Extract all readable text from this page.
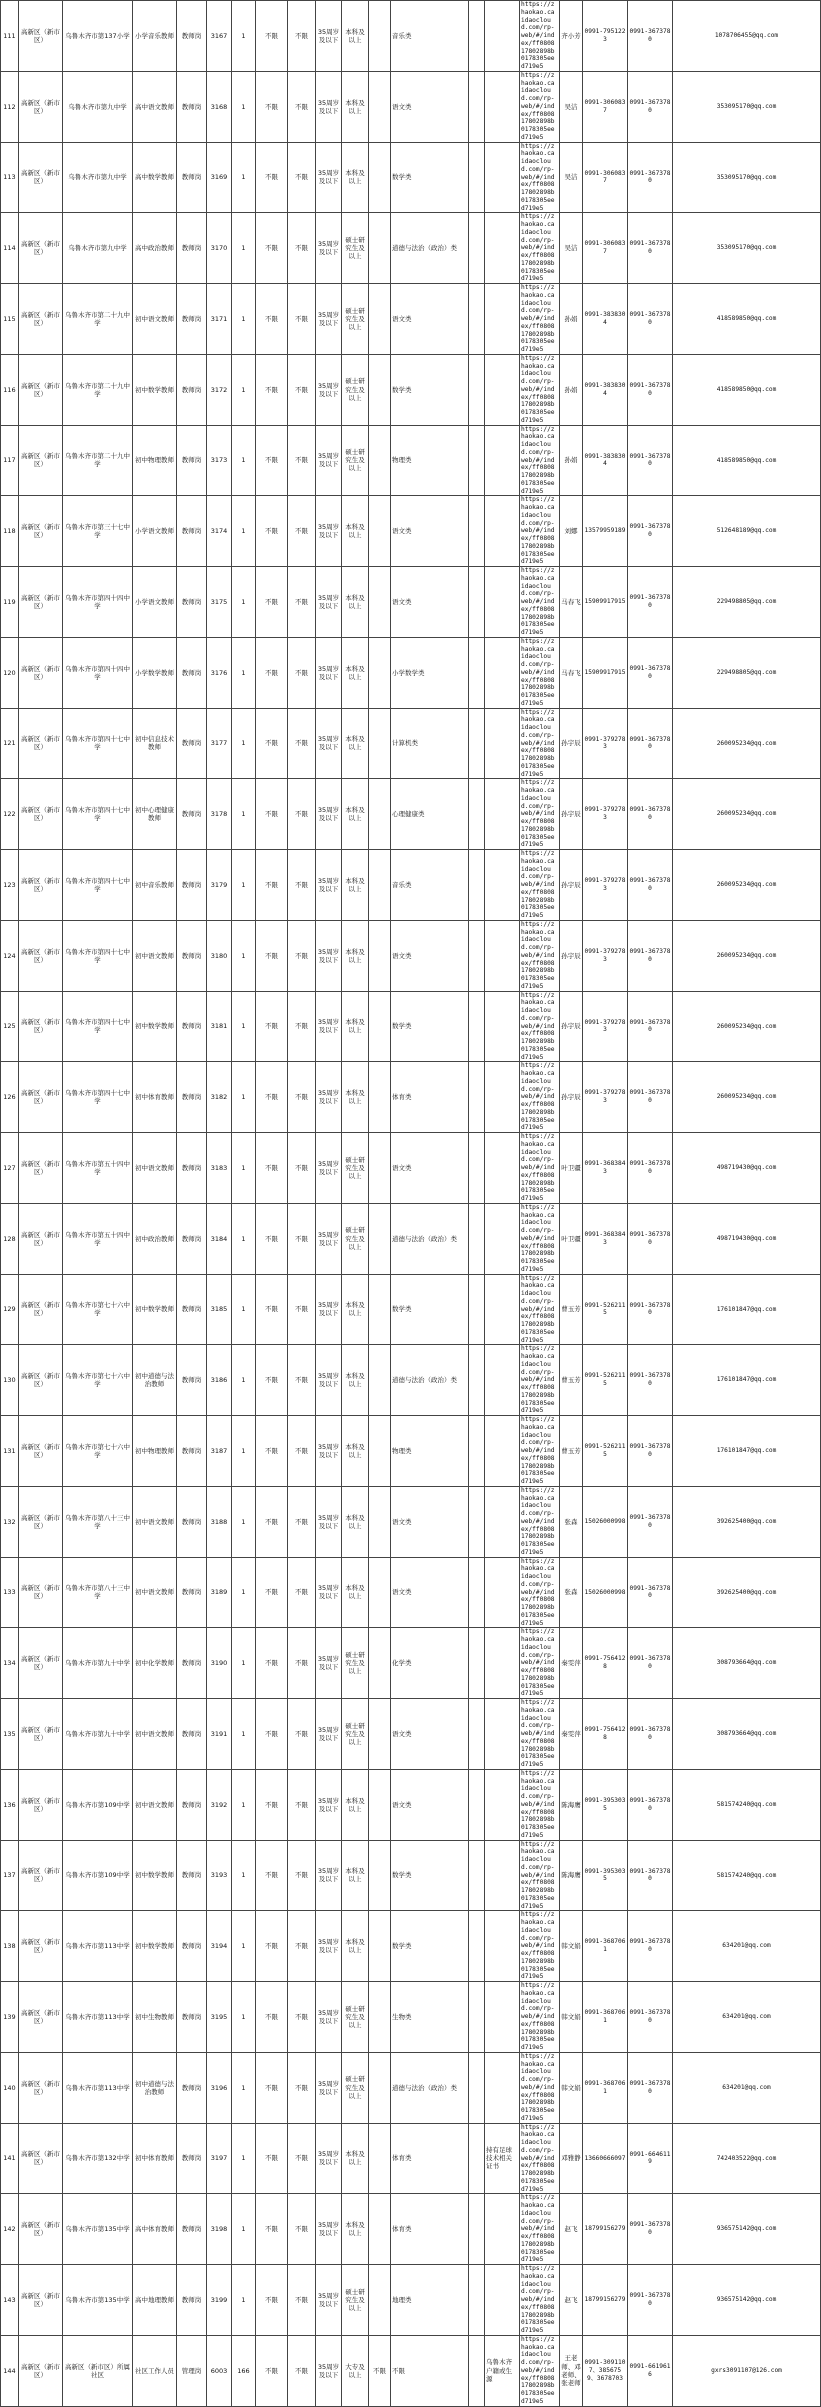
111	高新区（新市区）	乌鲁木齐市第137小学	小学音乐教师	教师岗	3167	1	不限	不限	35周岁及以下	本科及以上		音乐类			https://zhaokao.caidaocloud.com/rp-web/#/index/ff080817802898b0178305eed719e5	齐小芳	0991-7951223	0991-3673780	1078706455@qq.com
112	高新区（新市区）	乌鲁木齐市第九中学	高中语文教师	教师岗	3168	1	不限	不限	35周岁及以下	本科及以上		语文类			https://zhaokao.caidaocloud.com/rp-web/#/index/ff080817802898b0178305eed719e5	吴洁	0991-3060837	0991-3673780	353095170@qq.com
113	高新区（新市区）	乌鲁木齐市第九中学	高中数学教师	教师岗	3169	1	不限	不限	35周岁及以下	本科及以上		数学类			https://zhaokao.caidaocloud.com/rp-web/#/index/ff080817802898b0178305eed719e5	吴洁	0991-3060837	0991-3673780	353095170@qq.com
114	高新区（新市区）	乌鲁木齐市第九中学	高中政治教师	教师岗	3170	1	不限	不限	35周岁及以下	硕士研究生及以上		道德与法治（政治）类			https://zhaokao.caidaocloud.com/rp-web/#/index/ff080817802898b0178305eed719e5	吴洁	0991-3060837	0991-3673780	353095170@qq.com
115	高新区（新市区）	乌鲁木齐市第二十九中学	初中语文教师	教师岗	3171	1	不限	不限	35周岁及以下	硕士研究生及以上		语文类			https://zhaokao.caidaocloud.com/rp-web/#/index/ff080817802898b0178305eed719e5	孙娟	0991-3838304	0991-3673780	418589850@qq.com
116	高新区（新市区）	乌鲁木齐市第二十九中学	初中数学教师	教师岗	3172	1	不限	不限	35周岁及以下	硕士研究生及以上		数学类			https://zhaokao.caidaocloud.com/rp-web/#/index/ff080817802898b0178305eed719e5	孙娟	0991-3838304	0991-3673780	418589850@qq.com
117	高新区（新市区）	乌鲁木齐市第二十九中学	初中物理教师	教师岗	3173	1	不限	不限	35周岁及以下	硕士研究生及以上		物理类			https://zhaokao.caidaocloud.com/rp-web/#/index/ff080817802898b0178305eed719e5	孙娟	0991-3838304	0991-3673780	418589850@qq.com
118	高新区（新市区）	乌鲁木齐市第三十七中学	小学语文教师	教师岗	3174	1	不限	不限	35周岁及以下	本科及以上		语文类			https://zhaokao.caidaocloud.com/rp-web/#/index/ff080817802898b0178305eed719e5	刘娜	13579959189	0991-3673780	512648189@qq.com
119	高新区（新市区）	乌鲁木齐市第四十四中学	小学语文教师	教师岗	3175	1	不限	不限	35周岁及以下	本科及以上		语文类			https://zhaokao.caidaocloud.com/rp-web/#/index/ff080817802898b0178305eed719e5	马春飞	15909917915	0991-3673780	229498805@qq.com
120	高新区（新市区）	乌鲁木齐市第四十四中学	小学数学教师	教师岗	3176	1	不限	不限	35周岁及以下	本科及以上		小学数学类			https://zhaokao.caidaocloud.com/rp-web/#/index/ff080817802898b0178305eed719e5	马春飞	15909917915	0991-3673780	229498805@qq.com
121	高新区（新市区）	乌鲁木齐市第四十七中学	初中信息技术教师	教师岗	3177	1	不限	不限	35周岁及以下	本科及以上		计算机类			https://zhaokao.caidaocloud.com/rp-web/#/index/ff080817802898b0178305eed719e5	孙宇辰	0991-3792783	0991-3673780	260095234@qq.com
122	高新区（新市区）	乌鲁木齐市第四十七中学	初中心理健康教师	教师岗	3178	1	不限	不限	35周岁及以下	本科及以上		心理健康类			https://zhaokao.caidaocloud.com/rp-web/#/index/ff080817802898b0178305eed719e5	孙宇辰	0991-3792783	0991-3673780	260095234@qq.com
123	高新区（新市区）	乌鲁木齐市第四十七中学	初中音乐教师	教师岗	3179	1	不限	不限	35周岁及以下	本科及以上		音乐类			https://zhaokao.caidaocloud.com/rp-web/#/index/ff080817802898b0178305eed719e5	孙宇辰	0991-3792783	0991-3673780	260095234@qq.com
124	高新区（新市区）	乌鲁木齐市第四十七中学	初中语文教师	教师岗	3180	1	不限	不限	35周岁及以下	本科及以上		语文类			https://zhaokao.caidaocloud.com/rp-web/#/index/ff080817802898b0178305eed719e5	孙宇辰	0991-3792783	0991-3673780	260095234@qq.com
125	高新区（新市区）	乌鲁木齐市第四十七中学	初中数学教师	教师岗	3181	1	不限	不限	35周岁及以下	本科及以上		数学类			https://zhaokao.caidaocloud.com/rp-web/#/index/ff080817802898b0178305eed719e5	孙宇辰	0991-3792783	0991-3673780	260095234@qq.com
126	高新区（新市区）	乌鲁木齐市第四十七中学	初中体育教师	教师岗	3182	1	不限	不限	35周岁及以下	本科及以上		体育类			https://zhaokao.caidaocloud.com/rp-web/#/index/ff080817802898b0178305eed719e5	孙宇辰	0991-3792783	0991-3673780	260095234@qq.com
127	高新区（新市区）	乌鲁木齐市第五十四中学	初中语文教师	教师岗	3183	1	不限	不限	35周岁及以下	硕士研究生及以上		语文类			https://zhaokao.caidaocloud.com/rp-web/#/index/ff080817802898b0178305eed719e5	叶卫疆	0991-3683843	0991-3673780	498719430@qq.com
128	高新区（新市区）	乌鲁木齐市第五十四中学	初中政治教师	教师岗	3184	1	不限	不限	35周岁及以下	硕士研究生及以上		道德与法治（政治）类			https://zhaokao.caidaocloud.com/rp-web/#/index/ff080817802898b0178305eed719e5	叶卫疆	0991-3683843	0991-3673780	498719430@qq.com
129	高新区（新市区）	乌鲁木齐市第七十六中学	初中数学教师	教师岗	3185	1	不限	不限	35周岁及以下	本科及以上		数学类			https://zhaokao.caidaocloud.com/rp-web/#/index/ff080817802898b0178305eed719e5	曹玉芳	0991-5262115	0991-3673780	176101847@qq.com
130	高新区（新市区）	乌鲁木齐市第七十六中学	初中道德与法治教师	教师岗	3186	1	不限	不限	35周岁及以下	本科及以上		道德与法治（政治）类			https://zhaokao.caidaocloud.com/rp-web/#/index/ff080817802898b0178305eed719e5	曹玉芳	0991-5262115	0991-3673780	176101847@qq.com
131	高新区（新市区）	乌鲁木齐市第七十六中学	初中物理教师	教师岗	3187	1	不限	不限	35周岁及以下	本科及以上		物理类			https://zhaokao.caidaocloud.com/rp-web/#/index/ff080817802898b0178305eed719e5	曹玉芳	0991-5262115	0991-3673780	176101847@qq.com
132	高新区（新市区）	乌鲁木齐市第八十三中学	初中语文教师	教师岗	3188	1	不限	不限	35周岁及以下	本科及以上		语文类			https://zhaokao.caidaocloud.com/rp-web/#/index/ff080817802898b0178305eed719e5	张森	15026000998	0991-3673780	392625400@qq.com
133	高新区（新市区）	乌鲁木齐市第八十三中学	初中语文教师	教师岗	3189	1	不限	不限	35周岁及以下	本科及以上		语文类			https://zhaokao.caidaocloud.com/rp-web/#/index/ff080817802898b0178305eed719e5	张森	15026000998	0991-3673780	392625400@qq.com
134	高新区（新市区）	乌鲁木齐市第九十中学	初中化学教师	教师岗	3190	1	不限	不限	35周岁及以下	硕士研究生及以上		化学类			https://zhaokao.caidaocloud.com/rp-web/#/index/ff080817802898b0178305eed719e5	秦雯萍	0991-7564128	0991-3673780	308793664@qq.com
135	高新区（新市区）	乌鲁木齐市第九十中学	初中语文教师	教师岗	3191	1	不限	不限	35周岁及以下	硕士研究生及以上		语文类			https://zhaokao.caidaocloud.com/rp-web/#/index/ff080817802898b0178305eed719e5	秦雯萍	0991-7564128	0991-3673780	308793664@qq.com
136	高新区（新市区）	乌鲁木齐市第109中学	初中语文教师	教师岗	3192	1	不限	不限	35周岁及以下	本科及以上		语文类			https://zhaokao.caidaocloud.com/rp-web/#/index/ff080817802898b0178305eed719e5	陈海鹰	0991-3953035	0991-3673780	581574240@qq.com
137	高新区（新市区）	乌鲁木齐市第109中学	初中数学教师	教师岗	3193	1	不限	不限	35周岁及以下	本科及以上		数学类			https://zhaokao.caidaocloud.com/rp-web/#/index/ff080817802898b0178305eed719e5	陈海鹰	0991-3953035	0991-3673780	581574240@qq.com
138	高新区（新市区）	乌鲁木齐市第113中学	初中数学教师	教师岗	3194	1	不限	不限	35周岁及以下	本科及以上		数学类			https://zhaokao.caidaocloud.com/rp-web/#/index/ff080817802898b0178305eed719e5	韩文娟	0991-3687061	0991-3673780	634201@qq.com
139	高新区（新市区）	乌鲁木齐市第113中学	初中生物教师	教师岗	3195	1	不限	不限	35周岁及以下	硕士研究生及以上		生物类			https://zhaokao.caidaocloud.com/rp-web/#/index/ff080817802898b0178305eed719e5	韩文娟	0991-3687061	0991-3673780	634201@qq.com
140	高新区（新市区）	乌鲁木齐市第113中学	初中道德与法治教师	教师岗	3196	1	不限	不限	35周岁及以下	硕士研究生及以上		道德与法治（政治）类			https://zhaokao.caidaocloud.com/rp-web/#/index/ff080817802898b0178305eed719e5	韩文娟	0991-3687061	0991-3673780	634201@qq.com
141	高新区（新市区）	乌鲁木齐市第132中学	初中体育教师	教师岗	3197	1	不限	不限	35周岁及以下	本科及以上		体育类		持有足球技术相关证书	https://zhaokao.caidaocloud.com/rp-web/#/index/ff080817802898b0178305eed719e5	邓雅静	13660666097	0991-6646119	742403522@qq.com
142	高新区（新市区）	乌鲁木齐市第135中学	高中体育教师	教师岗	3198	1	不限	不限	35周岁及以下	本科及以上		体育类			https://zhaokao.caidaocloud.com/rp-web/#/index/ff080817802898b0178305eed719e5	赵飞	18799156279	0991-3673780	936575142@qq.com
143	高新区（新市区）	乌鲁木齐市第135中学	高中地理教师	教师岗	3199	1	不限	不限	35周岁及以下	硕士研究生及以上		地理类			https://zhaokao.caidaocloud.com/rp-web/#/index/ff080817802898b0178305eed719e5	赵飞	18799156279	0991-3673780	936575142@qq.com
144	高新区（新市区）	高新区（新市区）所属社区	社区工作人员	管理岗	6003	166	不限	不限	35周岁及以下	大专及以上	不限	不限		乌鲁木齐户籍或生源	https://zhaokao.caidaocloud.com/rp-web/#/index/ff080817802898b0178305eed719e5	王老师、邓老师、张老师	0991-3091107、3856759、3678703	0991-6619616	gxrs3091107@126.com
